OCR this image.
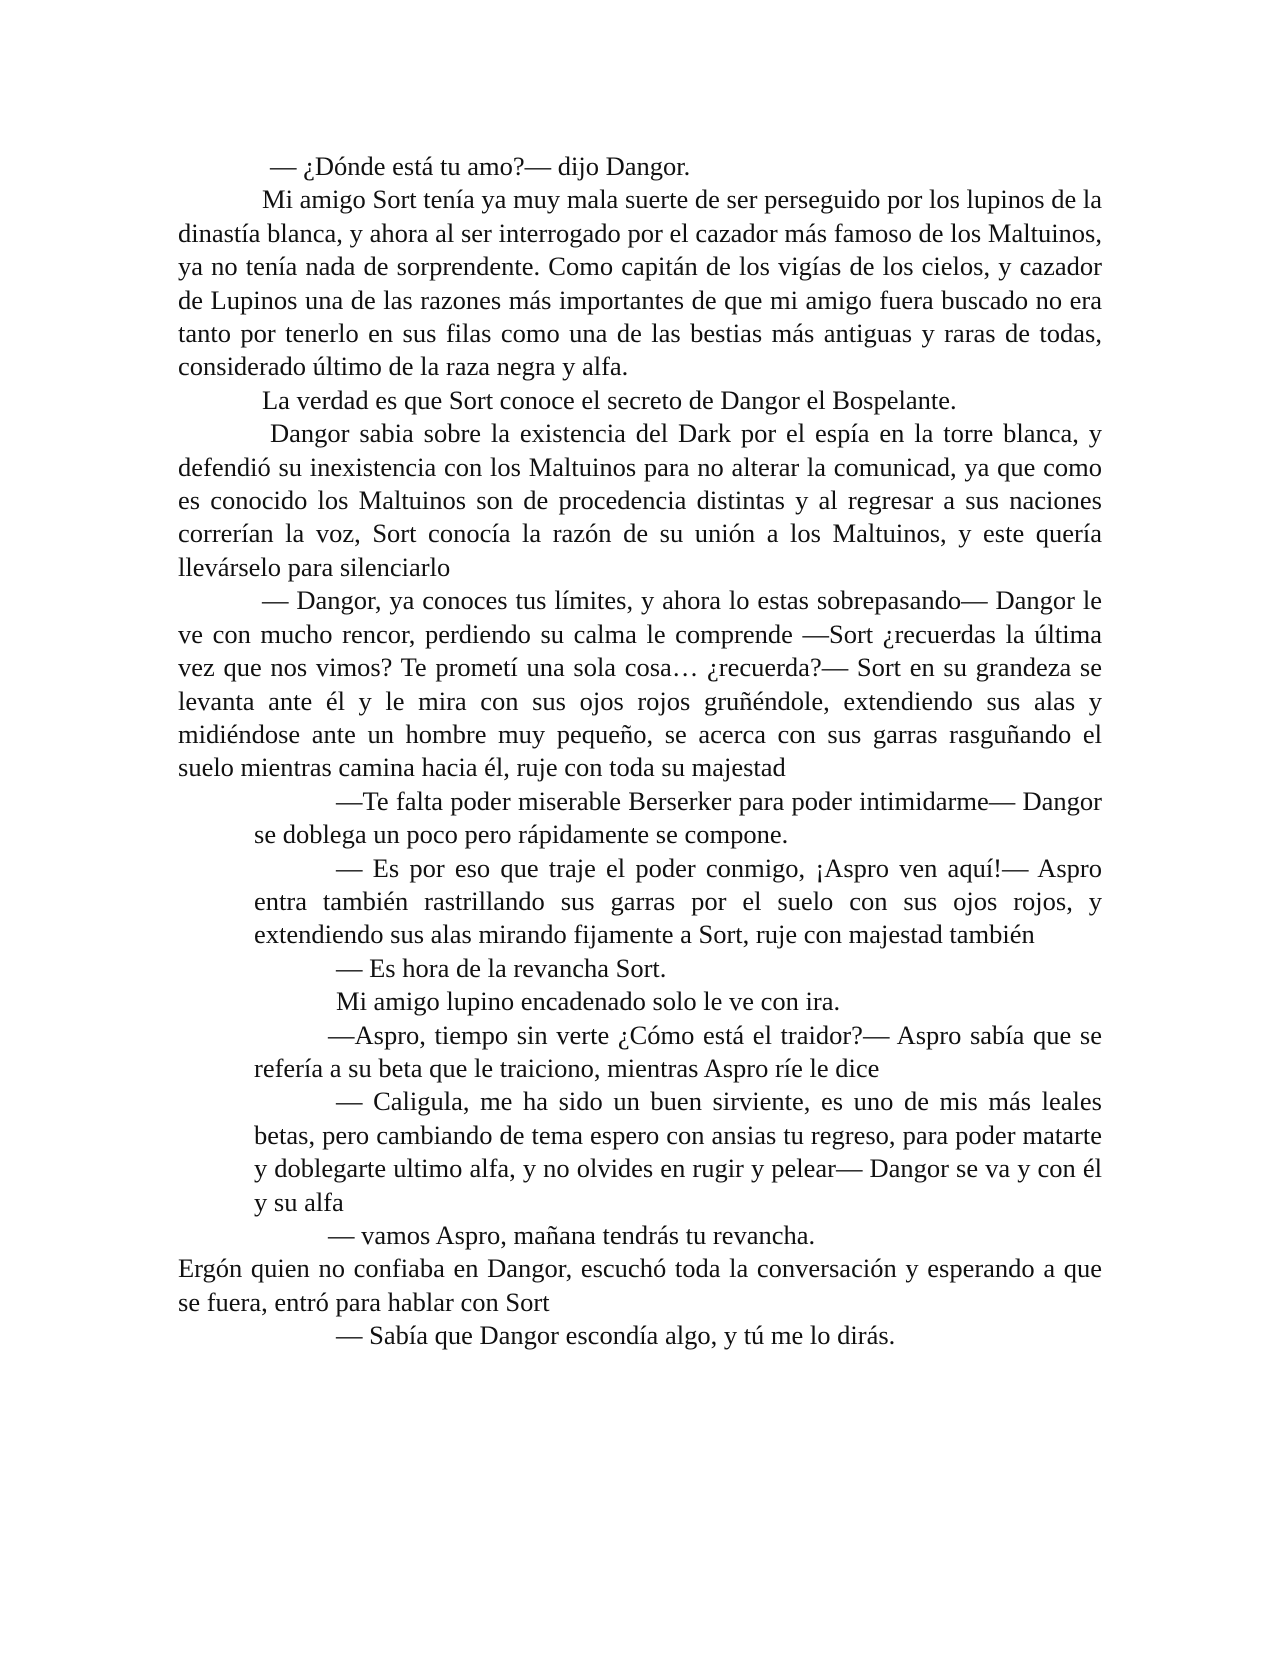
— ¿Dónde está tu amo?— dijo Dangor.

Mi amigo Sort tenía ya muy mala suerte de ser perseguido por los lupinos de la dinastía blanca, y ahora al ser interrogado por el cazador más famoso de los Maltuinos, ya no tenía nada de sorprendente. Como capitán de los vigías de los cielos, y cazador de Lupinos una de las razones más importantes de que mi amigo fuera buscado no era tanto por tenerlo en sus filas como una de las bestias más antiguas y raras de todas, considerado último de la raza negra y alfa.

La verdad es que Sort conoce el secreto de Dangor el Bospelante.

Dangor sabia sobre la existencia del Dark por el espía en la torre blanca, y defendió su inexistencia con los Maltuinos para no alterar la comunicad, ya que como es conocido los Maltuinos son de procedencia distintas y al regresar a sus naciones correrían la voz, Sort conocía la razón de su unión a los Maltuinos, y este quería llevárselo para silenciarlo

— Dangor, ya conoces tus límites, y ahora lo estas sobrepasando— Dangor le ve con mucho rencor, perdiendo su calma le comprende —Sort ¿recuerdas la última vez que nos vimos? Te prometí una sola cosa… ¿recuerda?— Sort en su grandeza se levanta ante él y le mira con sus ojos rojos gruñéndole, extendiendo sus alas y midiéndose ante un hombre muy pequeño, se acerca con sus garras rasguñando el suelo mientras camina hacia él, ruje con toda su majestad

—Te falta poder miserable Berserker para poder intimidarme— Dangor se doblega un poco pero rápidamente se compone.

— Es por eso que traje el poder conmigo, ¡Aspro ven aquí!— Aspro entra también rastrillando sus garras por el suelo con sus ojos rojos, y extendiendo sus alas mirando fijamente a Sort, ruje con majestad también

— Es hora de la revancha Sort.

Mi amigo lupino encadenado solo le ve con ira.

—Aspro, tiempo sin verte ¿Cómo está el traidor?— Aspro sabía que se refería a su beta que le traiciono, mientras Aspro ríe le dice

— Caligula, me ha sido un buen sirviente, es uno de mis más leales betas, pero cambiando de tema espero con ansias tu regreso, para poder matarte y doblegarte ultimo alfa, y no olvides en rugir y pelear— Dangor se va y con él y su alfa

— vamos Aspro, mañana tendrás tu revancha.

Ergón quien no confiaba en Dangor, escuchó toda la conversación y esperando a que se fuera, entró para hablar con Sort

— Sabía que Dangor escondía algo, y tú me lo dirás.
